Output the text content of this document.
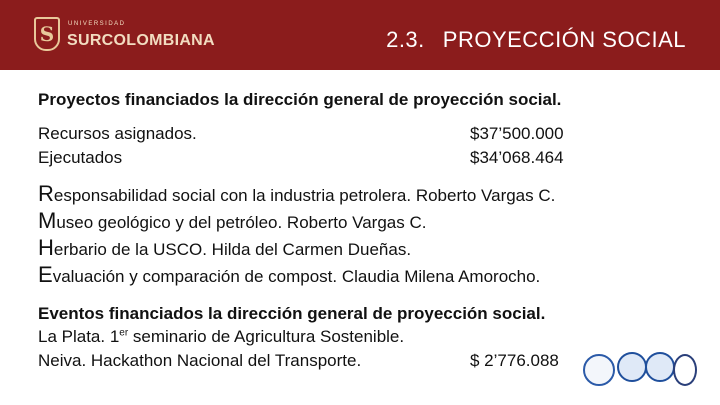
S UNIVERSIDAD
SURCOLOMBIANA	2.3. PROYECCIÓN SOCIAL
Proyectos financiados la dirección general de proyección social.
Recursos asignados.	$37’500.000
Ejecutados	$34’068.464
Responsabilidad social con la industria petrolera. Roberto Vargas C.
Museo geológico y del petróleo. Roberto Vargas C.
Herbario de la USCO. Hilda del Carmen Dueñas.
Evaluación y comparación de compost. Claudia Milena Amorocho.
Eventos financiados la dirección general de proyección social.
La Plata. 1er seminario de Agricultura Sostenible.
Neiva. Hackathon Nacional del Transporte.	$ 2’776.088
